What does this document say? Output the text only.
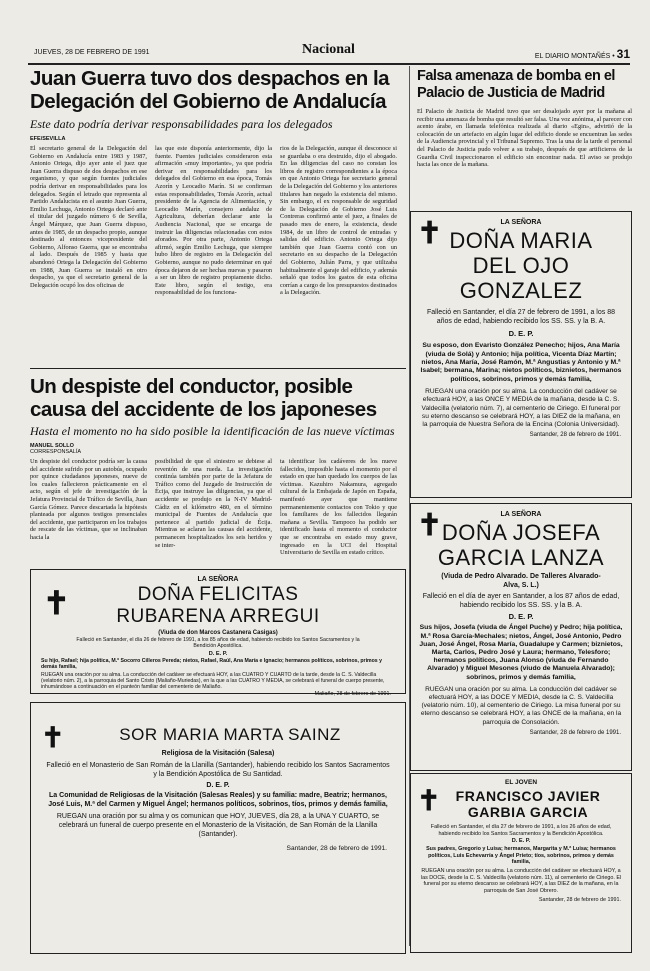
JUEVES, 28 DE FEBRERO DE 1991	Nacional	EL DIARIO MONTAÑÉS • 31
Juan Guerra tuvo dos despachos en la Delegación del Gobierno de Andalucía
Este dato podría derivar responsabilidades para los delegados
EFE/SEVILLA
El secretario general de la Delegación del Gobierno en Andalucía entre 1983 y 1987, Antonio Ortega, dijo ayer ante el juez que Juan Guerra dispuso de dos despachos en ese organismo, y que según fuentes judiciales podría derivar en responsabilidades para los delegados. Según el letrado que representa al Partido Andalucista en el asunto Juan Guerra, Emilio Lechuga, Antonio Ortega declaró ante el titular del juzgado número 6 de Sevilla, Ángel Márquez, que Juan Guerra dispuso, antes de 1985, de un despacho propio, aunque destinado al entonces vicepresidente del Gobierno, Alfonso Guerra, que se encontraba al lado. Después de 1985 y hasta que abandonó Ortega la Delegación del Gobierno en 1988, Juan Guerra se instaló en otro despacho, ya que el secretario general de la Delegación ocupó los dos oficinas de
las que este disponía anteriormente, dijo la fuente. Fuentes judiciales consideraron esta afirmación «muy importante», ya que podría derivar en responsabilidades para los delegados del Gobierno en esa época, Tomás Azorín y Leocadio Marín. Si se confirman estas responsabilidades, Tomás Azorín, actual presidente de la Agencia de Alimentación, y Leocadio Marín, consejero andaluz de Agricultura, deberían declarar ante la Audiencia Nacional, que se encarga de instruir las diligencias relacionadas con estos aforados. Por otra parte, Antonio Ortega afirmó, según Emilio Lechuga, que siempre hubo libro de registro en la Delegación del Gobierno, aunque no pudo determinar en qué época dejaron de ser hechas nuevas y pasaron a ser un libro de registro propiamente dicho. Este libro, según el testigo, era responsabilidad de los funciona-
rios de la Delegación, aunque él desconoce si se guardaba o era destruido, dijo el abogado. En las diligencias del caso no constan los libros de registro correspondientes a la época en que Antonio Ortega fue secretario general de la Delegación del Gobierno y los anteriores titulares han negado la existencia del mismo. Sin embargo, el ex responsable de seguridad de la Delegación de Gobierno José Luis Contreras confirmó ante el juez, a finales de pasado mes de enero, la existencia, desde 1984, de un libro de control de entradas y salidas del edificio. Antonio Ortega dijo también que Juan Guerra contó con un secretario en su despacho de la Delegación del Gobierno, Julián Parra, y que utilizaba habitualmente el garaje del edificio, y además señaló que todos los gastos de esta oficina corrían a cargo de los presupuestos destinados a la Delegación.
Falsa amenaza de bomba en el Palacio de Justicia de Madrid
El Palacio de Justicia de Madrid tuvo que ser desalojado ayer por la mañana al recibir una amenaza de bomba que resultó ser falsa. Una voz anónima, al parecer con acento árabe, en llamada telefónica realizada al diario «Egin», advirtió de la colocación de un artefacto en algún lugar del edificio donde se encuentran las sedes de la Audiencia provincial y el Tribunal Supremo. Tras la una de la tarde el personal del Palacio de Justicia pudo volver a su trabajo, después de que artificieros de la Guardia Civil inspeccionaron el edificio sin encontrar nada. El aviso se produjo hacia las once de la mañana.
✝	LA SEÑORA
DOÑA MARIA
DEL OJO
GONZALEZ
Falleció en Santander, el día 27 de febrero de 1991, a los 88 años de edad, habiendo recibido los SS. SS. y la B. A.
D. E. P.
Su esposo, don Evaristo González Penecho; hijos, Ana María (viuda de Solá) y Antonio; hija política, Vicenta Díaz Martín; nietos, Ana María, José Ramón, M.ª Angustias y Antonio y M.ª Isabel; bermana, Marina; nietos políticos, biznietos, hermanos políticos, sobrinos, primos y demás familia,
RUEGAN una oración por su alma. La conducción del cadáver se efectuará HOY, a las ONCE Y MEDIA de la mañana, desde la C. S. Valdecilla (velatorio núm. 7), al cementerio de Ciriego. El funeral por su eterno descanso se celebrará HOY, a las DIEZ de la mañana, en la parroquia de Nuestra Señora de la Encina (Colonia Universidad).
Santander, 28 de febrero de 1991.
Un despiste del conductor, posible causa del accidente de los japoneses
Hasta el momento no ha sido posible la identificación de las nueve víctimas
MANUEL SOLLO
CORRESPONSALÍA
Un despiste del conductor podría ser la causa del accidente sufrido por un autobús, ocupado por quince ciudadanos japoneses, nueve de los cuales fallecieron prácticamente en el acto, según el jefe de investigación de la Jefatura Provincial de Tráfico de Sevilla, Juan García Gómez. Parece descartada la hipótesis planteada por algunos testigos presenciales del accidente, que participaron en los trabajos de rescate de las víctimas, que se inclinaban hacia la
posibilidad de que el siniestro se debiese al reventón de una rueda. La investigación continúa también por parte de la Jefatura de Tráfico como del Juzgado de Instrucción de Écija, que instruye las diligencias, ya que el accidente se produjo en la N-IV Madrid-Cádiz en el kilómetro 480, en el término municipal de Fuentes de Andalucía que pertenece al partido judicial de Écija. Mientras se aclaran las causas del accidente, permanecen hospitalizados los seis heridos y se inter-
ta identificar los cadáveres de los nueve fallecidos, imposible hasta el momento por el estado en que han quedado los cuerpos de las víctimas. Kazuhiro Nakamura, agregado cultural de la Embajada de Japón en España, manifestó ayer que mantiene permanentemente contactos con Tokio y que los familiares de los fallecidos llegarán mañana a Sevilla. Tampoco ha podido ser identificado hasta el momento el conductor que se encontraba en estado muy grave, ingresado en la UCI del Hospital Universitario de Sevilla en estado crítico.
✝	LA SEÑORA
DOÑA JOSEFA
GARCIA LANZA
(Viuda de Pedro Alvarado. De Talleres Alvarado-Alva, S. L.)
Falleció en el día de ayer en Santander, a los 87 años de edad, habiendo recibido los SS. SS. y la B. A.
D. E. P.
Sus hijos, Josefa (viuda de Ángel Puche) y Pedro; hija política, M.ª Rosa García-Mechales; nietos, Ángel, José Antonio, Pedro Juan, José Ángel, Rosa María, Guadalupe y Carmen; biznietos, Marta, Carlos, Pedro José y Laura; hermano, Telesforo; hermanos políticos, Juana Alonso (viuda de Fernando Alvarado) y Miguel Mesones (viudo de Manuela Alvarado); sobrinos, primos y demás familia,
RUEGAN una oración por su alma. La conducción del cadáver se efectuará HOY, a las DOCE Y MEDIA, desde la C. S. Valdecilla (velatorio núm. 10), al cementerio de Ciriego. La misa funeral por su eterno descanso se celebrará HOY, a las ONCE de la mañana, en la parroquia de Consolación.
Santander, 28 de febrero de 1991.
✝
LA SEÑORA
DOÑA FELICITAS
RUBARENA ARREGUI
(Viuda de don Marcos Castanera Casigas)
Falleció en Santander, el día 26 de febrero de 1991, a los 85 años de edad, habiendo recibido los Santos Sacramentos y la Bendición Apostólica.
D. E. P.
Su hijo, Rafael; hija política, M.ª Socorro Cilleros Pereda; nietos, Rafael, Raúl, Ana María e Ignacio; hermanos políticos, sobrinos, primos y demás familia,
RUEGAN una oración por su alma. La conducción del cadáver se efectuará HOY, a las CUATRO Y CUARTO de la tarde, desde la C. S. Valdecilla (velatorio núm. 2), a la parroquia del Santo Cristo (Maliaño-Muriedas), en la que a las CUATRO Y MEDIA, se celebrará el funeral de cuerpo presente, inhumándose a continuación en el panteón familiar del cementerio de Maliaño.
Maliaño, 28 de febrero de 1991.
✝	SOR MARIA MARTA SAINZ
Religiosa de la Visitación (Salesa)
Falleció en el Monasterio de San Román de la Llanilla (Santander), habiendo recibido los Santos Sacramentos y la Bendición Apostólica de Su Santidad.
D. E. P.
La Comunidad de Religiosas de la Visitación (Salesas Reales) y su familia: madre, Beatriz; hermanos, José Luis, M.ª del Carmen y Miguel Ángel; hermanos políticos, sobrinos, tíos, primos y demás familia,
RUEGAN una oración por su alma y os comunican que HOY, JUEVES, día 28, a la UNA Y CUARTO, se celebrará un funeral de cuerpo presente en el Monasterio de la Visitación, de San Román de la Llanilla (Santander).
Santander, 28 de febrero de 1991.
✝
EL JOVEN
FRANCISCO JAVIER
GARBIA GARCIA
Falleció en Santander, el día 27 de febrero de 1991, a los 26 años de edad, habiendo recibido los Santos Sacramentos y la Bendición Apostólica.
D. E. P.
Sus padres, Gregorio y Luisa; hermanos, Margarita y M.ª Luisa; hermanos políticos, Luis Echevarría y Ángel Prieto; tíos, sobrinos, primos y demás familia,
RUEGAN una oración por su alma. La conducción del cadáver se efectuará HOY, a las DOCE, desde la C. S. Valdecilla (velatorio núm. 11), al cementerio de Ciriego. El funeral por su eterno descanso se celebrará HOY, a las DIEZ de la mañana, en la parroquia de San José Obrero.
Santander, 28 de febrero de 1991.
